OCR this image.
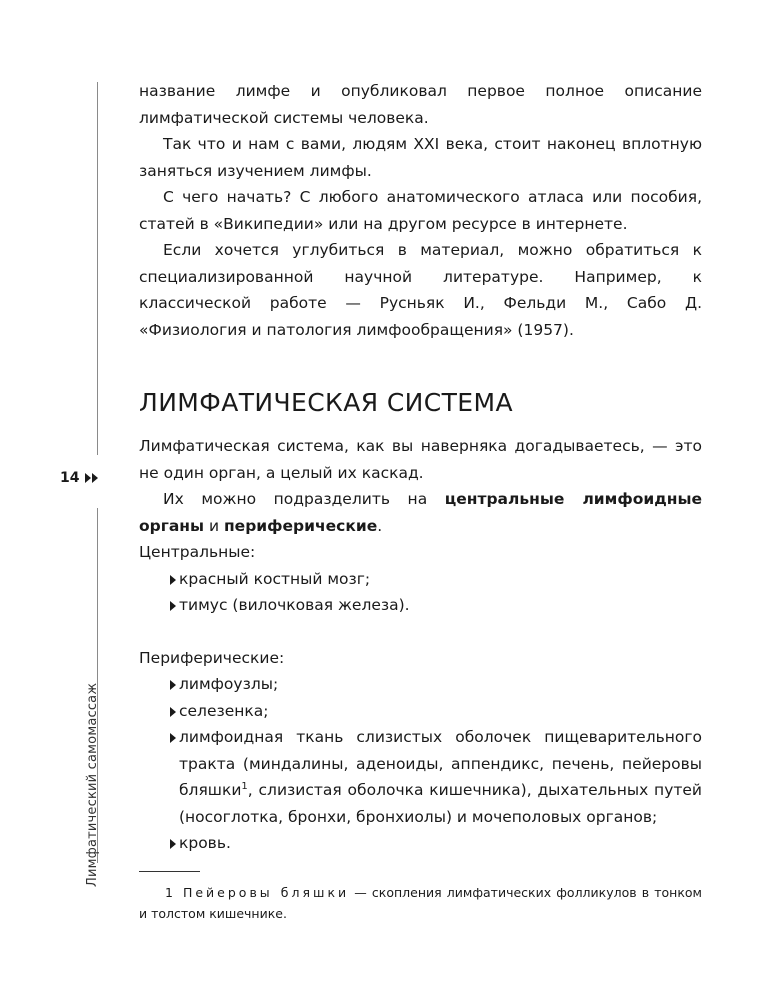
14
Лимфатический самомассаж

название лимфе и опубликовал первое полное описание лимфатической системы человека.

Так что и нам с вами, людям XXI века, стоит наконец вплотную заняться изучением лимфы.

С чего начать? С любого анатомического атласа или пособия, статей в «Википедии» или на другом ресурсе в интернете.

Если хочется углубиться в материал, можно обратиться к специализированной научной литературе. Например, к классической работе — Русньяк И., Фельди М., Сабо Д. «Физиология и патология лимфообращения» (1957).

ЛИМФАТИЧЕСКАЯ СИСТЕМА

Лимфатическая система, как вы наверняка догадываетесь, — это не один орган, а целый их каскад.

Их можно подразделить на центральные лимфоидные органы и периферические.

Центральные:

красный костный мозг;
тимус (вилочковая железа).

Периферические:

лимфоузлы;
селезенка;
лимфоидная ткань слизистых оболочек пищеварительного тракта (миндалины, аденоиды, аппендикс, печень, пейеровы бляшки$^1$, слизистая оболочка кишечника), дыхательных путей (носоглотка, бронхи, бронхиолы) и мочеполовых органов;
кровь.

1 Пейеровы бляшки — скопления лимфатических фолликулов в тонком и толстом кишечнике.
